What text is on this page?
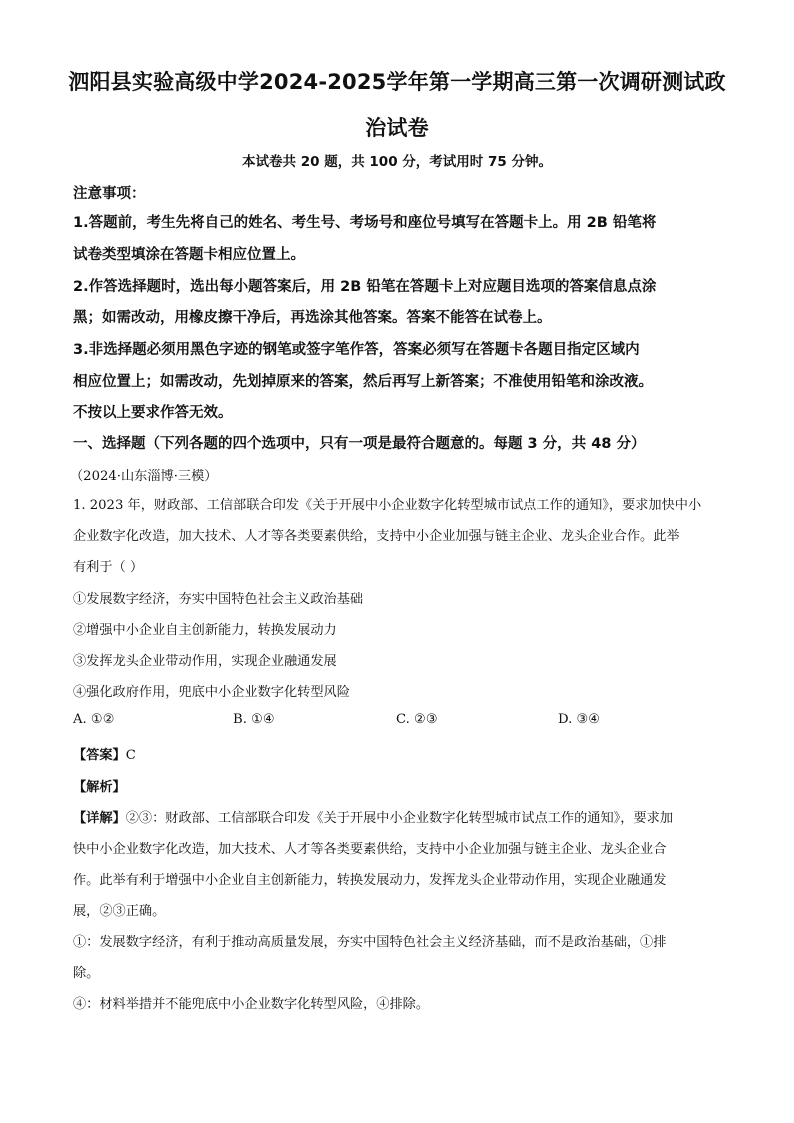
泗阳县实验高级中学2024-2025学年第一学期高三第一次调研测试政
治试卷
本试卷共 20 题，共 100 分，考试用时 75 分钟。
注意事项：
1.答题前，考生先将自己的姓名、考生号、考场号和座位号填写在答题卡上。用 2B 铅笔将
试卷类型填涂在答题卡相应位置上。
2.作答选择题时，选出每小题答案后，用 2B 铅笔在答题卡上对应题目选项的答案信息点涂
黑；如需改动，用橡皮擦干净后，再选涂其他答案。答案不能答在试卷上。
3.非选择题必须用黑色字迹的钢笔或签字笔作答，答案必须写在答题卡各题目指定区域内
相应位置上；如需改动，先划掉原来的答案，然后再写上新答案；不准使用铅笔和涂改液。
不按以上要求作答无效。
一、选择题（下列各题的四个选项中，只有一项是最符合题意的。每题 3 分，共 48 分）
（2024·山东淄博·三模）
1. 2023 年，财政部、工信部联合印发《关于开展中小企业数字化转型城市试点工作的通知》，要求加快中小
企业数字化改造，加大技术、人才等各类要素供给，支持中小企业加强与链主企业、龙头企业合作。此举
有利于（ ）
①发展数字经济，夯实中国特色社会主义政治基础
②增强中小企业自主创新能力，转换发展动力
③发挥龙头企业带动作用，实现企业融通发展
④强化政府作用，兜底中小企业数字化转型风险
A. ①②	B. ①④	C. ②③	D. ③④
【答案】C
【解析】
【详解】②③：财政部、工信部联合印发《关于开展中小企业数字化转型城市试点工作的通知》，要求加
快中小企业数字化改造，加大技术、人才等各类要素供给，支持中小企业加强与链主企业、龙头企业合
作。此举有利于增强中小企业自主创新能力，转换发展动力，发挥龙头企业带动作用，实现企业融通发
展，②③正确。
①：发展数字经济，有利于推动高质量发展，夯实中国特色社会主义经济基础，而不是政治基础，①排
除。
④：材料举措并不能兜底中小企业数字化转型风险，④排除。
